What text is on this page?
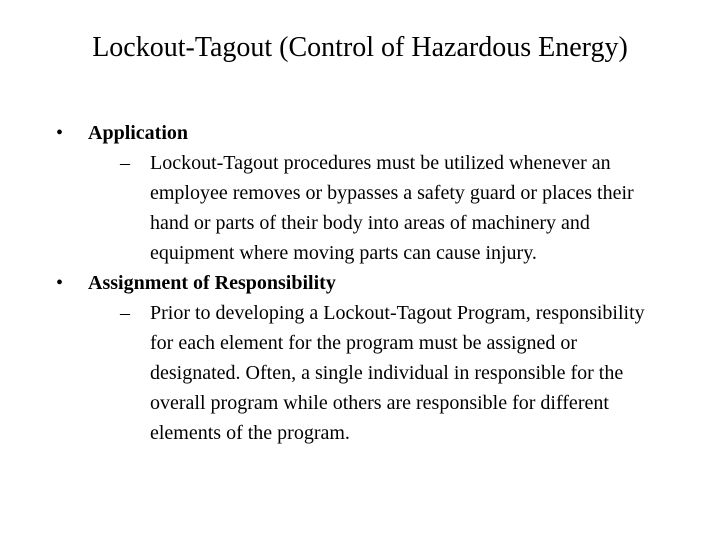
Lockout-Tagout (Control of Hazardous Energy)
• Application
– Lockout-Tagout procedures must be utilized whenever an employee removes or bypasses a safety guard or places their hand or parts of their body into areas of machinery and equipment where moving parts can cause injury.
• Assignment of Responsibility
– Prior to developing a Lockout-Tagout Program, responsibility for each element for the program must be assigned or designated. Often, a single individual in responsible for the overall program while others are responsible for different elements of the program.
